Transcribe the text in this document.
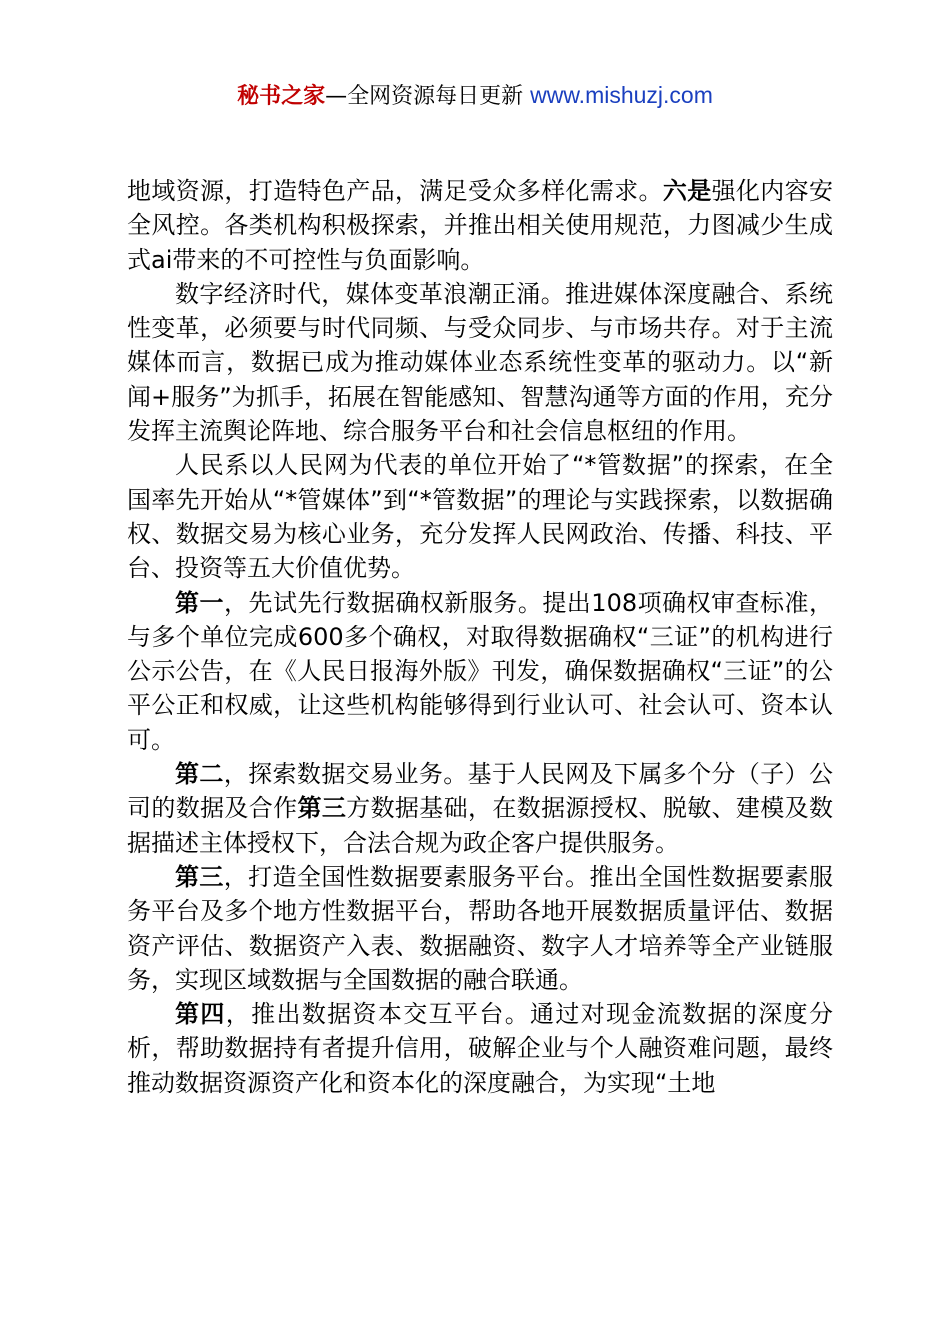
秘书之家—全网资源每日更新 www.mishuzj.com

地域资源，打造特色产品，满足受众多样化需求。六是强化内容安全风控。各类机构积极探索，并推出相关使用规范，力图减少生成式ai带来的不可控性与负面影响。

数字经济时代，媒体变革浪潮正涌。推进媒体深度融合、系统性变革，必须要与时代同频、与受众同步、与市场共存。对于主流媒体而言，数据已成为推动媒体业态系统性变革的驱动力。以“新闻+服务”为抓手，拓展在智能感知、智慧沟通等方面的作用，充分发挥主流舆论阵地、综合服务平台和社会信息枢纽的作用。

人民系以人民网为代表的单位开始了“*管数据”的探索，在全国率先开始从“*管媒体”到“*管数据”的理论与实践探索，以数据确权、数据交易为核心业务，充分发挥人民网政治、传播、科技、平台、投资等五大价值优势。

第一，先试先行数据确权新服务。提出108项确权审查标准，与多个单位完成600多个确权，对取得数据确权“三证”的机构进行公示公告，在《人民日报海外版》刊发，确保数据确权“三证”的公平公正和权威，让这些机构能够得到行业认可、社会认可、资本认可。

第二，探索数据交易业务。基于人民网及下属多个分（子）公司的数据及合作第三方数据基础，在数据源授权、脱敏、建模及数据描述主体授权下，合法合规为政企客户提供服务。

第三，打造全国性数据要素服务平台。推出全国性数据要素服务平台及多个地方性数据平台，帮助各地开展数据质量评估、数据资产评估、数据资产入表、数据融资、数字人才培养等全产业链服务，实现区域数据与全国数据的融合联通。

第四，推出数据资本交互平台。通过对现金流数据的深度分析，帮助数据持有者提升信用，破解企业与个人融资难问题，最终推动数据资源资产化和资本化的深度融合，为实现“土地
